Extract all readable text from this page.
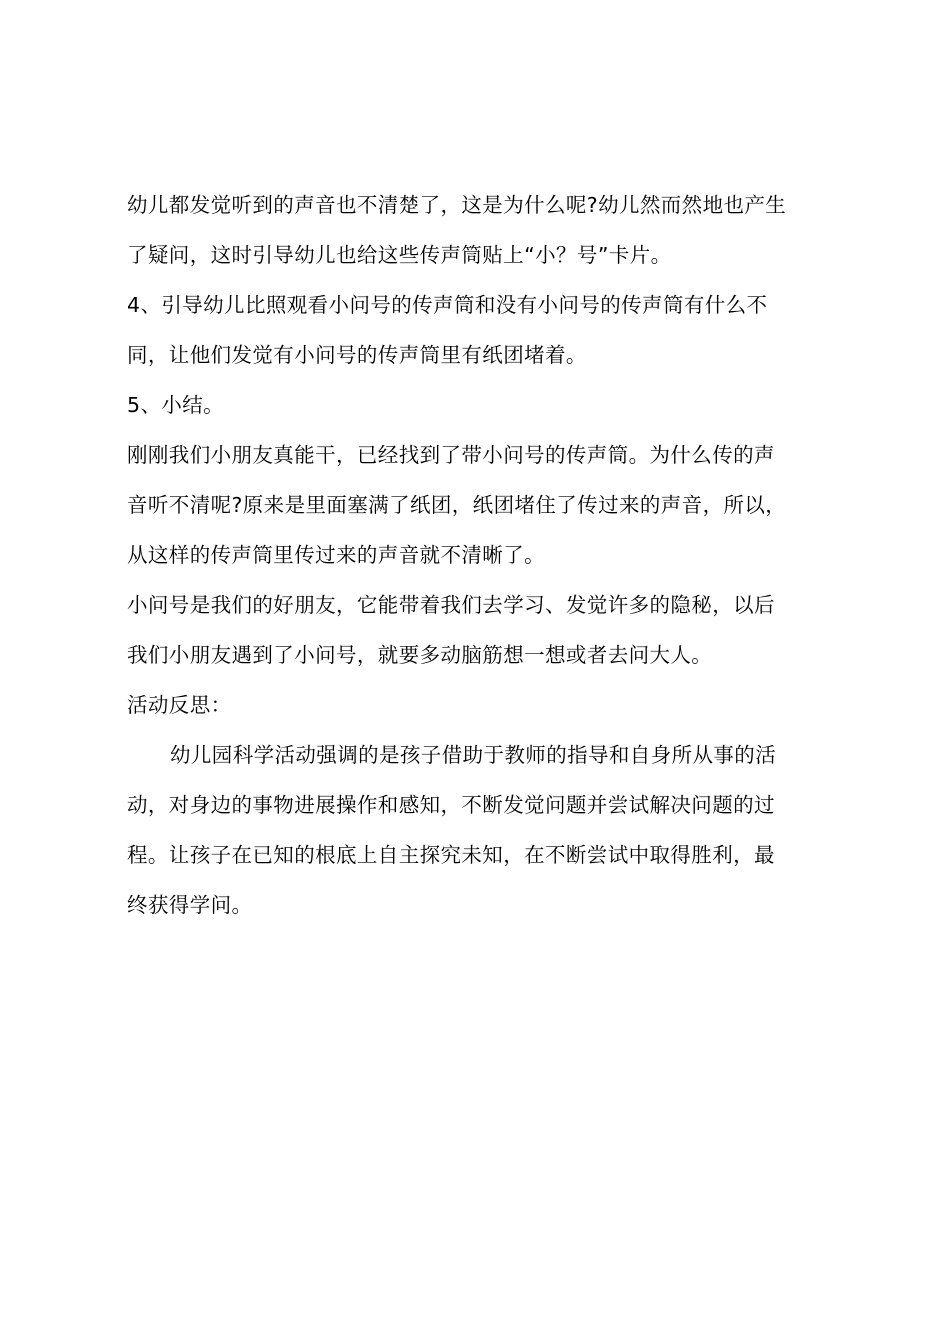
幼儿都发觉听到的声音也不清楚了，这是为什么呢?幼儿然而然地也产生

了疑问，这时引导幼儿也给这些传声筒贴上“小？号”卡片。

4、引导幼儿比照观看小问号的传声筒和没有小问号的传声筒有什么不

同，让他们发觉有小问号的传声筒里有纸团堵着。

5、小结。

刚刚我们小朋友真能干，已经找到了带小问号的传声筒。为什么传的声

音听不清呢?原来是里面塞满了纸团，纸团堵住了传过来的声音，所以，

从这样的传声筒里传过来的声音就不清晰了。

小问号是我们的好朋友，它能带着我们去学习、发觉许多的隐秘，以后

我们小朋友遇到了小问号，就要多动脑筋想一想或者去问大人。

活动反思：

幼儿园科学活动强调的是孩子借助于教师的指导和自身所从事的活

动，对身边的事物进展操作和感知，不断发觉问题并尝试解决问题的过

程。让孩子在已知的根底上自主探究未知，在不断尝试中取得胜利，最

终获得学问。
